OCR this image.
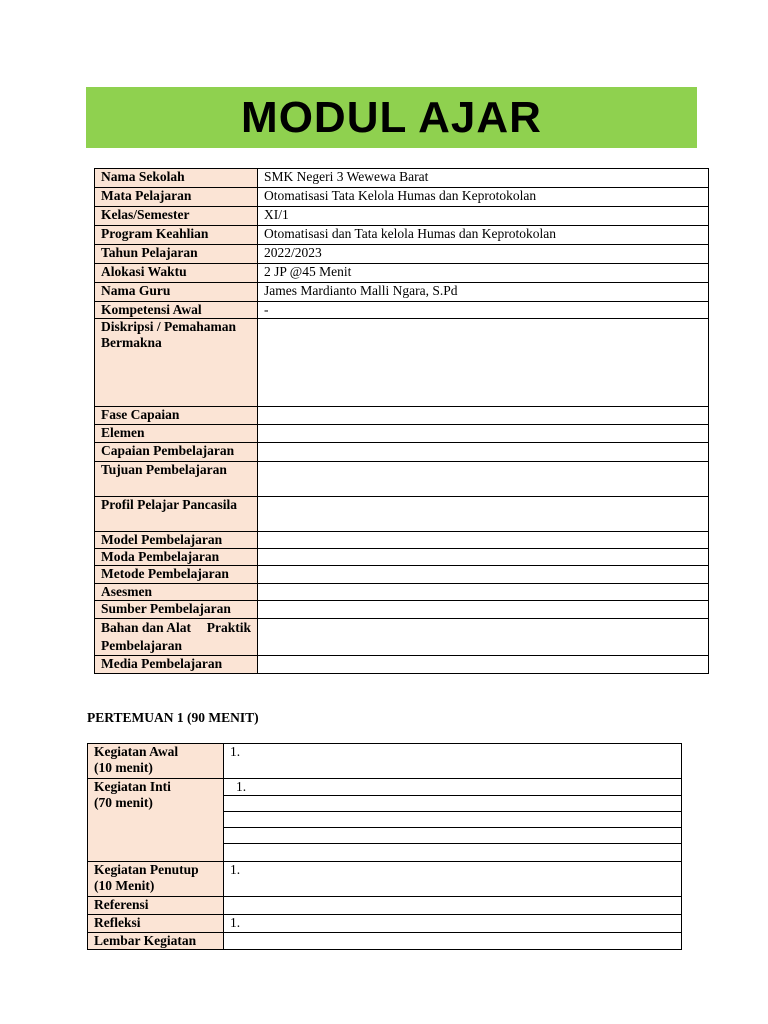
MODUL AJAR
Nama Sekolah	SMK Negeri 3 Wewewa Barat
Mata Pelajaran	Otomatisasi Tata Kelola Humas dan Keprotokolan
Kelas/Semester	XI/1
Program Keahlian	Otomatisasi dan Tata kelola Humas dan Keprotokolan
Tahun Pelajaran	2022/2023
Alokasi Waktu	2 JP @45 Menit
Nama Guru	James Mardianto Malli Ngara, S.Pd
Kompetensi Awal	-
Diskripsi / Pemahaman Bermakna	
Fase Capaian	
Elemen	
Capaian Pembelajaran	
Tujuan Pembelajaran	
Profil Pelajar Pancasila	
Model Pembelajaran	
Moda Pembelajaran	
Metode Pembelajaran	
Asesmen	
Sumber Pembelajaran	

Bahan dan Alat Praktik
Pembelajaran	

Media Pembelajaran	

PERTEMUAN 1 (90 MENIT)

Kegiatan Awal
(10 menit)	1.

Kegiatan Inti
(70 menit)	1.

Kegiatan Penutup
(10 Menit)	1.
Referensi	
Refleksi	1.
Lembar Kegiatan	
